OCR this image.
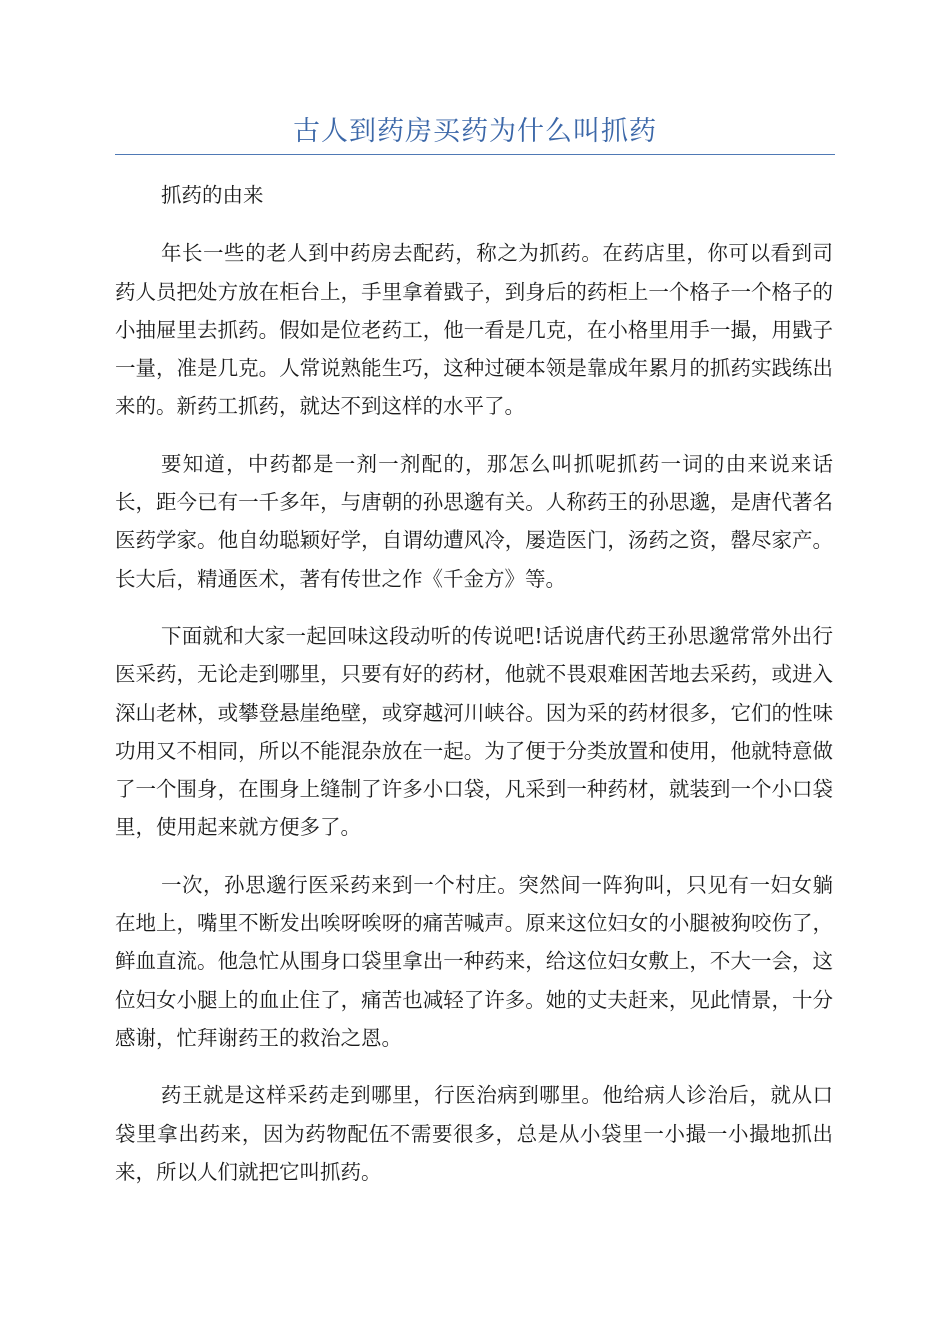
古人到药房买药为什么叫抓药

抓药的由来

年长一些的老人到中药房去配药，称之为抓药。在药店里，你可以看到司药人员把处方放在柜台上，手里拿着戥子，到身后的药柜上一个格子一个格子的小抽屉里去抓药。假如是位老药工，他一看是几克，在小格里用手一撮，用戥子一量，准是几克。人常说熟能生巧，这种过硬本领是靠成年累月的抓药实践练出来的。新药工抓药，就达不到这样的水平了。

要知道，中药都是一剂一剂配的，那怎么叫抓呢抓药一词的由来说来话长，距今已有一千多年，与唐朝的孙思邈有关。人称药王的孙思邈，是唐代著名医药学家。他自幼聪颖好学，自谓幼遭风冷，屡造医门，汤药之资，罄尽家产。长大后，精通医术，著有传世之作《千金方》等。

下面就和大家一起回味这段动听的传说吧!话说唐代药王孙思邈常常外出行医采药，无论走到哪里，只要有好的药材，他就不畏艰难困苦地去采药，或进入深山老林，或攀登悬崖绝壁，或穿越河川峡谷。因为采的药材很多，它们的性味功用又不相同，所以不能混杂放在一起。为了便于分类放置和使用，他就特意做了一个围身，在围身上缝制了许多小口袋，凡采到一种药材，就装到一个小口袋里，使用起来就方便多了。

一次，孙思邈行医采药来到一个村庄。突然间一阵狗叫，只见有一妇女躺在地上，嘴里不断发出唉呀唉呀的痛苦喊声。原来这位妇女的小腿被狗咬伤了，鲜血直流。他急忙从围身口袋里拿出一种药来，给这位妇女敷上，不大一会，这位妇女小腿上的血止住了，痛苦也减轻了许多。她的丈夫赶来，见此情景，十分感谢，忙拜谢药王的救治之恩。

药王就是这样采药走到哪里，行医治病到哪里。他给病人诊治后，就从口袋里拿出药来，因为药物配伍不需要很多，总是从小袋里一小撮一小撮地抓出来，所以人们就把它叫抓药。
